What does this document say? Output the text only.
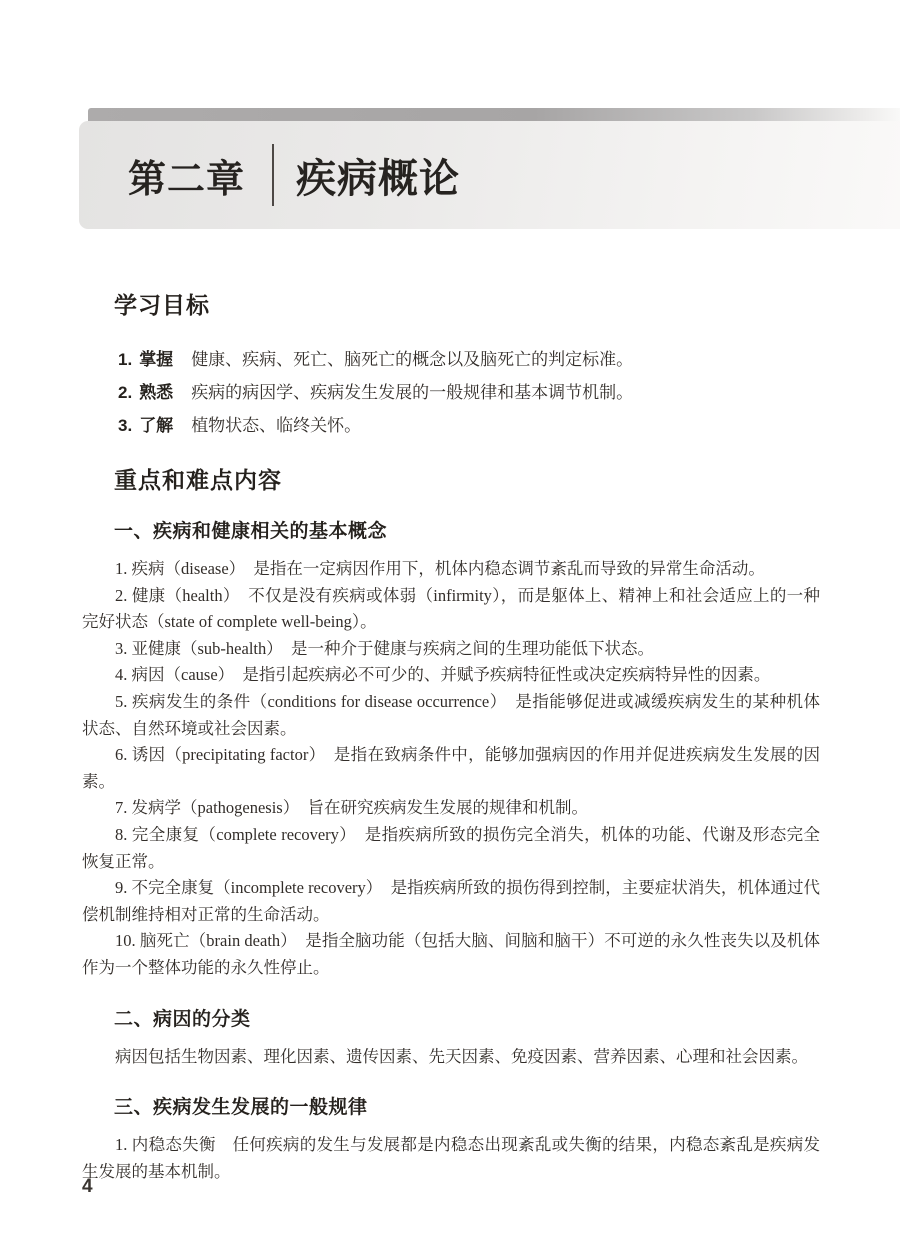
第二章 疾病概论
学习目标
1. 掌握 健康、疾病、死亡、脑死亡的概念以及脑死亡的判定标准。
2. 熟悉 疾病的病因学、疾病发生发展的一般规律和基本调节机制。
3. 了解 植物状态、临终关怀。
重点和难点内容
一、疾病和健康相关的基本概念

1. 疾病（disease）　是指在一定病因作用下，机体内稳态调节紊乱而导致的异常生命活动。

2. 健康（health）　不仅是没有疾病或体弱（infirmity），而是躯体上、精神上和社会适应上的一种完好状态（state of complete well-being）。

3. 亚健康（sub-health）　是一种介于健康与疾病之间的生理功能低下状态。

4. 病因（cause）　是指引起疾病必不可少的、并赋予疾病特征性或决定疾病特异性的因素。

5. 疾病发生的条件（conditions for disease occurrence）　是指能够促进或减缓疾病发生的某种机体状态、自然环境或社会因素。

6. 诱因（precipitating factor）　是指在致病条件中，能够加强病因的作用并促进疾病发生发展的因素。

7. 发病学（pathogenesis）　旨在研究疾病发生发展的规律和机制。

8. 完全康复（complete recovery）　是指疾病所致的损伤完全消失，机体的功能、代谢及形态完全恢复正常。

9. 不完全康复（incomplete recovery）　是指疾病所致的损伤得到控制，主要症状消失，机体通过代偿机制维持相对正常的生命活动。

10. 脑死亡（brain death）　是指全脑功能（包括大脑、间脑和脑干）不可逆的永久性丧失以及机体作为一个整体功能的永久性停止。

二、病因的分类

病因包括生物因素、理化因素、遗传因素、先天因素、免疫因素、营养因素、心理和社会因素。

三、疾病发生发展的一般规律

1. 内稳态失衡　任何疾病的发生与发展都是内稳态出现紊乱或失衡的结果，内稳态紊乱是疾病发生发展的基本机制。

4
